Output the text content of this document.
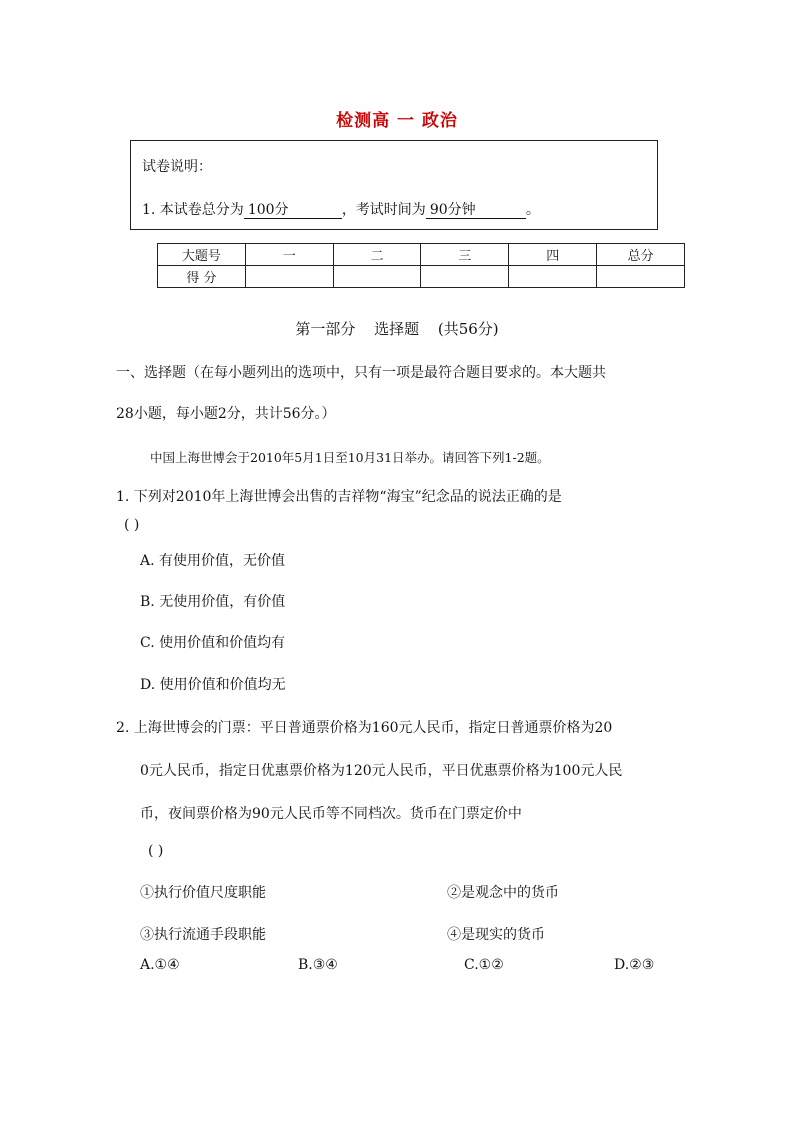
检测高 一 政治
试卷说明：
1. 本试卷总分为 100分	，考试时间为 90分钟	。
大题号	一	二	三	四	总分
得 分					
第一部分 选择题 (共56分)
一、选择题（在每小题列出的选项中，只有一项是最符合题目要求的。本大题共
28小题，每小题2分，共计56分。）
中国上海世博会于2010年5月1日至10月31日举办。请回答下列1-2题。
1. 下列对2010年上海世博会出售的吉祥物“海宝”纪念品的说法正确的是
( )
A. 有使用价值，无价值
B. 无使用价值，有价值
C. 使用价值和价值均有
D. 使用价值和价值均无
2. 上海世博会的门票：平日普通票价格为160元人民币，指定日普通票价格为20
0元人民币，指定日优惠票价格为120元人民币，平日优惠票价格为100元人民
币，夜间票价格为90元人民币等不同档次。货币在门票定价中
( )
①执行价值尺度职能	②是观念中的货币
③执行流通手段职能	④是现实的货币
A.①④	B.③④	C.①②	D.②③
